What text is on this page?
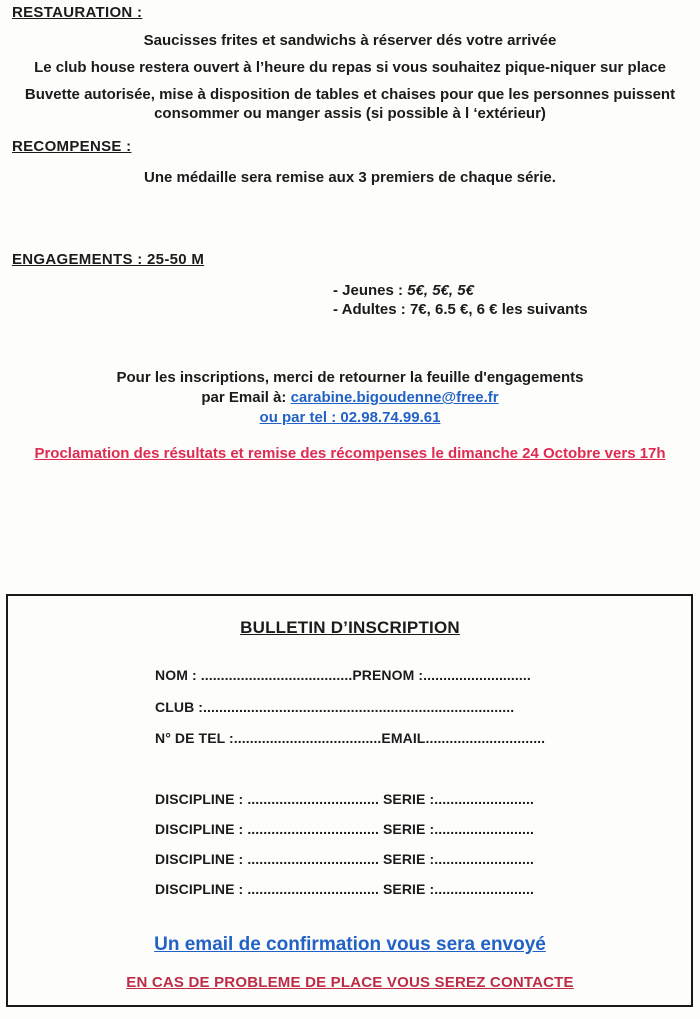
RESTAURATION :
Saucisses frites et sandwichs à réserver dés votre arrivée
Le club house restera ouvert à l’heure du repas si vous souhaitez pique-niquer sur place
Buvette autorisée, mise à disposition de tables et chaises pour que les personnes puissent
consommer ou manger assis (si possible à l ‘extérieur)
RECOMPENSE :
Une médaille sera remise aux 3 premiers de chaque série.
ENGAGEMENTS : 25-50 M
- Jeunes : 5€, 5€, 5€
- Adultes : 7€, 6.5 €, 6 € les suivants
Pour les inscriptions, merci de retourner la feuille d'engagements
par Email à: carabine.bigoudenne@free.fr
ou par tel : 02.98.74.99.61
Proclamation des résultats et remise des récompenses le dimanche 24 Octobre vers 17h
BULLETIN D’INSCRIPTION
NOM : ......................................PRENOM :...........................
CLUB :..............................................................................
N° DE TEL :.....................................EMAIL..............................
DISCIPLINE : ................................. SERIE :.........................
DISCIPLINE : ................................. SERIE :.........................
DISCIPLINE : ................................. SERIE :.........................
DISCIPLINE : ................................. SERIE :.........................
Un email de confirmation vous sera envoyé
EN CAS DE PROBLEME DE PLACE VOUS SEREZ CONTACTE
